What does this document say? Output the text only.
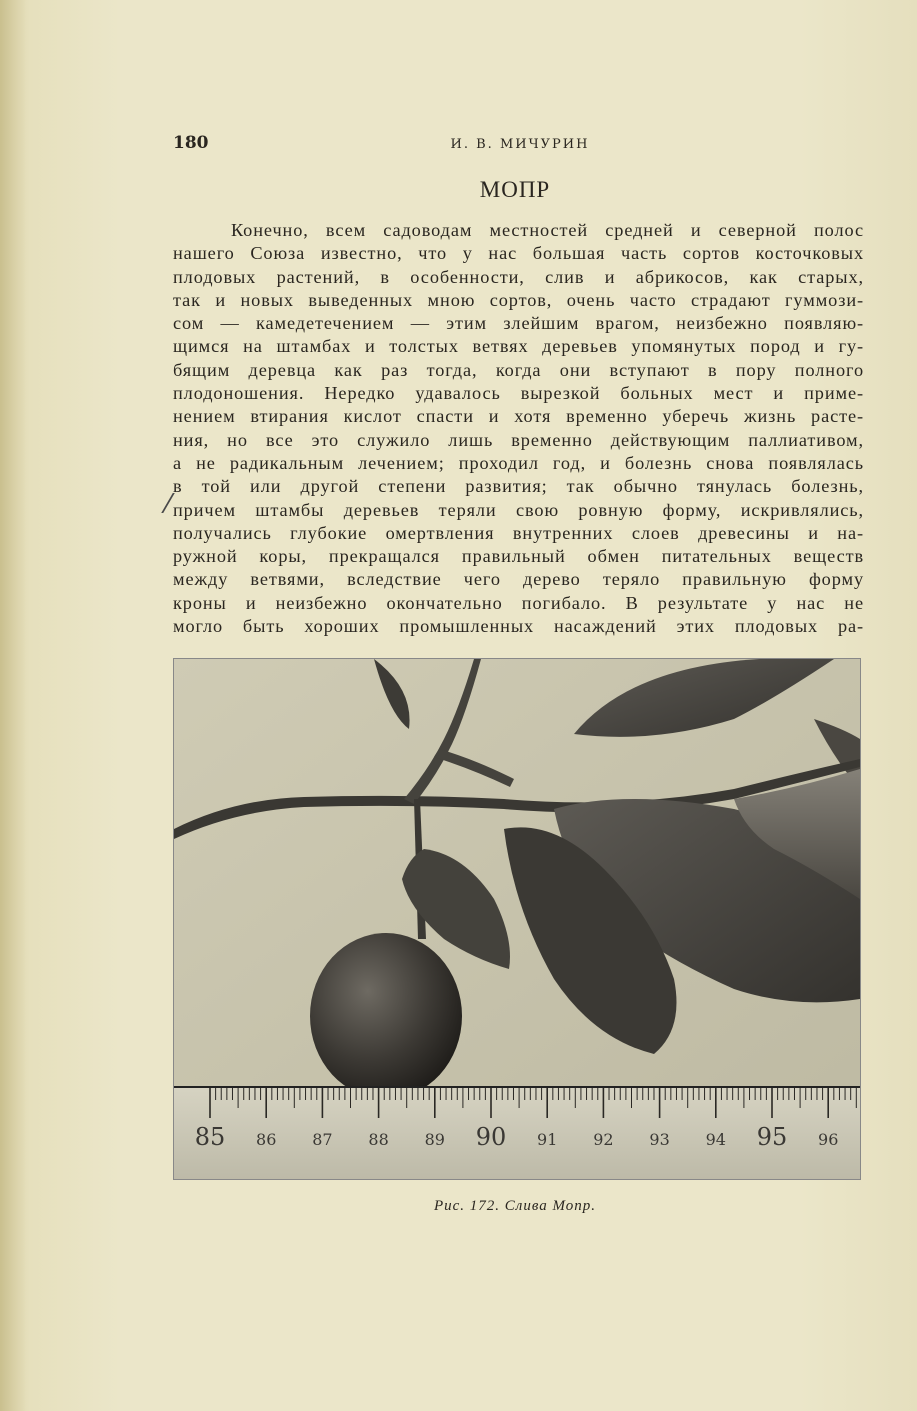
180	И. В. МИЧУРИН
МОПР
Конечно, всем садоводам местностей средней и северной полос
нашего Союза известно, что у нас большая часть сортов косточковых
плодовых растений, в особенности, слив и абрикосов, как старых,
так и новых выведенных мною сортов, очень часто страдают гуммози-
сом — камедетечением — этим злейшим врагом, неизбежно появляю-
щимся на штамбах и толстых ветвях деревьев упомянутых пород и гу-
бящим деревца как раз тогда, когда они вступают в пору полного
плодоношения. Нередко удавалось вырезкой больных мест и приме-
нением втирания кислот спасти и хотя временно уберечь жизнь расте-
ния, но все это служило лишь временно действующим паллиативом,
а не радикальным лечением; проходил год, и болезнь снова появлялась
в той или другой степени развития; так обычно тянулась болезнь,
причем штамбы деревьев теряли свою ровную форму, искривлялись,
получались глубокие омертвления внутренних слоев древесины и на-
ружной коры, прекращался правильный обмен питательных веществ
между ветвями, вследствие чего дерево теряло правильную форму
кроны и неизбежно окончательно погибало. В результате у нас не
могло быть хороших промышленных насаждений этих плодовых ра-
85 86 87 88 89 90 91 92 93 94 95 96
Рис. 172. Слива Мопр.
